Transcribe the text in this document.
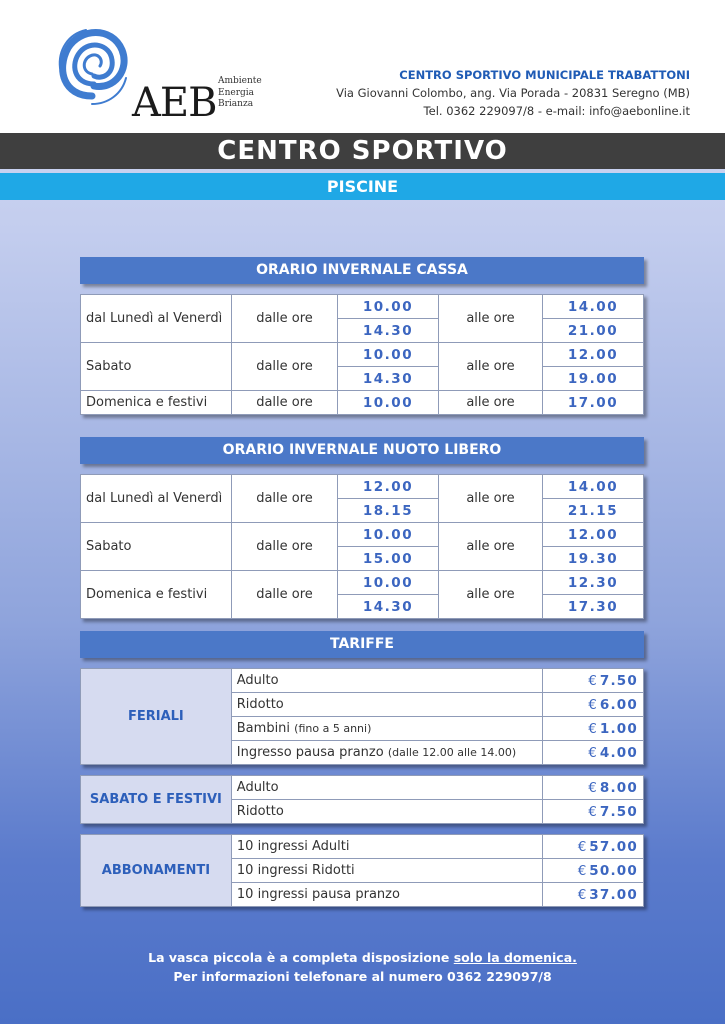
AEB Ambiente
Energia
Brianza
CENTRO SPORTIVO MUNICIPALE TRABATTONI
Via Giovanni Colombo, ang. Via Porada - 20831 Seregno (MB)
Tel. 0362 229097/8 - e-mail: info@aebonline.it
CENTRO SPORTIVO
PISCINE
ORARIO INVERNALE CASSA
dal Lunedì al Venerdì	dalle ore	10.00	alle ore	14.00
		14.30		21.00
Sabato	dalle ore	10.00	alle ore	12.00
		14.30		19.00
Domenica e festivi	dalle ore	10.00	alle ore	17.00
ORARIO INVERNALE NUOTO LIBERO
dal Lunedì al Venerdì	dalle ore	12.00	alle ore	14.00
		18.15		21.15
Sabato	dalle ore	10.00	alle ore	12.00
		15.00		19.30
Domenica e festivi	dalle ore	10.00	alle ore	12.30
		14.30		17.30
TARIFFE
FERIALI	Adulto	€ 7.50
	Ridotto	€ 6.00
	Bambini (fino a 5 anni)	€ 1.00
	Ingresso pausa pranzo (dalle 12.00 alle 14.00)	€ 4.00
SABATO E FESTIVI	Adulto	€ 8.00
	Ridotto	€ 7.50
ABBONAMENTI	10 ingressi Adulti	€ 57.00
	10 ingressi Ridotti	€ 50.00
	10 ingressi pausa pranzo	€ 37.00
La vasca piccola è a completa disposizione solo la domenica.
Per informazioni telefonare al numero 0362 229097/8
